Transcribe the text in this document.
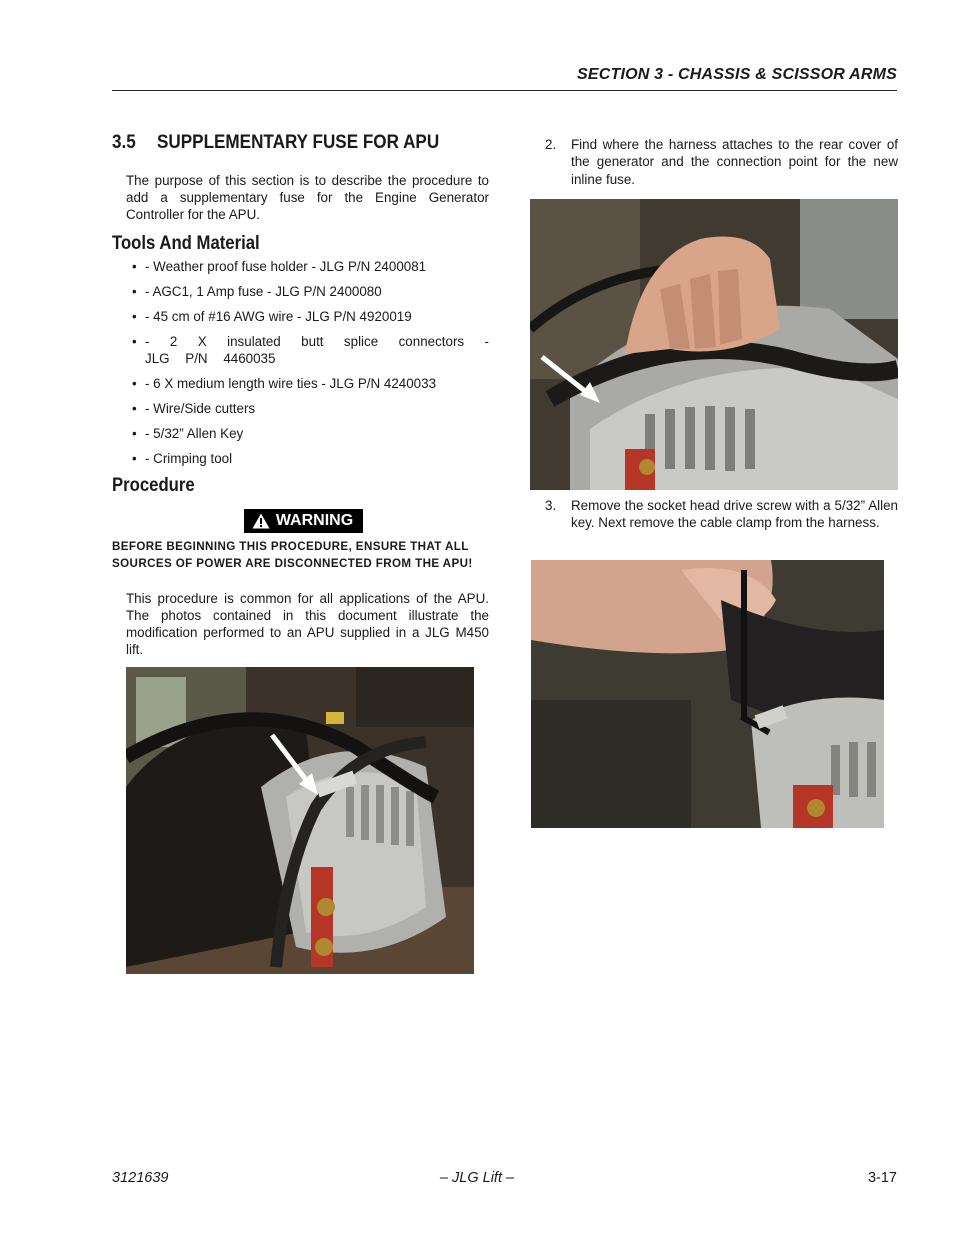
SECTION 3 - CHASSIS & SCISSOR ARMS
3.5 SUPPLEMENTARY FUSE FOR APU

The purpose of this section is to describe the procedure to add a supplementary fuse for the Engine Generator Controller for the APU.

Tools And Material
• - Weather proof fuse holder - JLG P/N 2400081
• - AGC1, 1 Amp fuse - JLG P/N 2400080
• - 45 cm of #16 AWG wire - JLG P/N 4920019
• - 2 X insulated butt splice connectors - JLG P/N 4460035
• - 6 X medium length wire ties - JLG P/N 4240033
• - Wire/Side cutters
• - 5/32” Allen Key
• - Crimping tool
Procedure
WARNING

BEFORE BEGINNING THIS PROCEDURE, ENSURE THAT ALL SOURCES OF POWER ARE DISCONNECTED FROM THE APU!

This procedure is common for all applications of the APU. The photos contained in this document illustrate the modification performed to an APU supplied in a JLG M450 lift.

2. Find where the harness attaches to the rear cover of the generator and the connection point for the new inline fuse.
3. Remove the socket head drive screw with a 5/32” Allen key. Next remove the cable clamp from the harness.
3121639	– JLG Lift –	3-17
